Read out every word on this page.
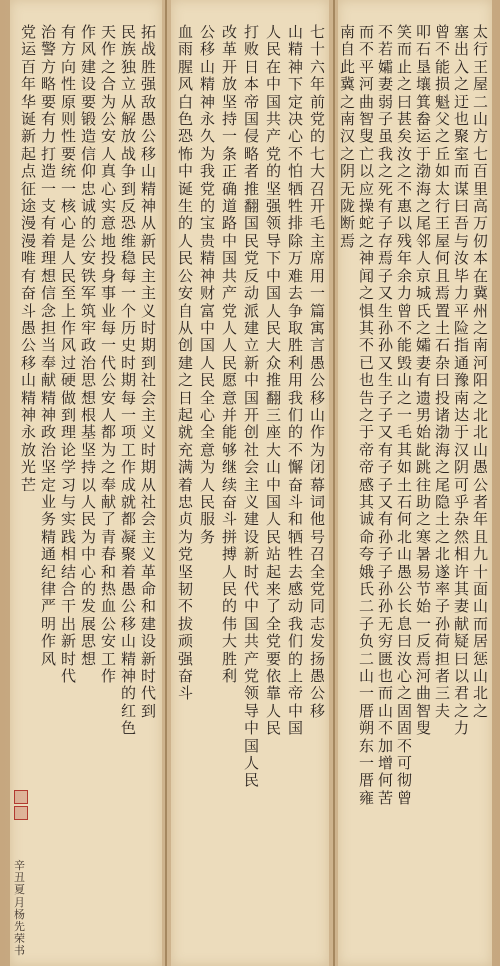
太行王屋二山方七百里高万仞本在冀州之南河阳之北北山愚公者年且九十面山而居惩山北之
塞出入之迂也聚室而谋曰吾与汝毕力平险指通豫南达于汉阴可乎杂然相许其妻献疑曰以君之力
曾不能损魁父之丘如太行王屋何且焉置土石杂曰投诸渤海之尾隐土之北遂率子孙荷担者三夫
叩石垦壤箕畚运于渤海之尾邻人京城氏之孀妻有遗男始龀跳往助之寒暑易节始一反焉河曲智叟
笑而止之曰甚矣汝之不惠以残年余力曾不能毁山之一毛其如土石何北山愚公长息曰汝心之固固不可彻曾
不若孀妻弱子虽我之死有子存焉子又生孙孙又生子子又有子子又有孙子子孙孙无穷匮也而山不加增何苦
而不平河曲智叟亡以应操蛇之神闻之惧其不已也告之于帝帝感其诚命夸娥氏二子负二山一厝朔东一厝雍
南自此冀之南汉之阴无陇断焉
七十六年前党的七大召开毛主席用一篇寓言愚公移山作为闭幕词他号召全党同志发扬愚公移
山精神下定决心不怕牺牲排除万难去争取胜利用我们的不懈奋斗和牺牲去感动我们的上帝中国
人民在中国共产党的坚强领导下中国人民大众推翻三座大山中国人民站起来了全党要依靠人民
打败日本帝国侵略者推翻国民党反动派建立新中国开创社会主义建设新时代中国共产党领导中国人民
改革开放坚持一条正确道路中国共产党人人民愿意并能够继续奋斗拼搏人民的伟大胜利
公移山精神永久为我党的宝贵精神财富中国人民全心全意为人民服务
血雨腥风白色恐怖中诞生的人民公安自从创建之日起就充满着忠贞为党坚韧不拔顽强奋斗
拓战胜强敌愚公移山精神从新民主主义时期到社会主义时期从社会主义革命和建设新时代到
民族独立从解放战争到反恐维稳每一个历史时期每一项工作成就都凝聚着愚公移山精神的红色
天作之合为公安人真心实意地投身事业每一代公安人都为之奉献了青春和热血公安工作
作风建设要锻造信仰忠诚的公安铁军筑牢政治思想根基坚持以人民为中心的发展思想
有方向性原则性要统一核心是人民至上作风过硬做到理论学习与实践相结合干出新时代
治警方略要有力打造一支有着理想信念担当奉献精神政治坚定业务精通纪律严明作风
党运百年华诞新起点征途漫漫唯有奋斗愚公移山精神永放光芒
辛丑夏月杨先荣书
